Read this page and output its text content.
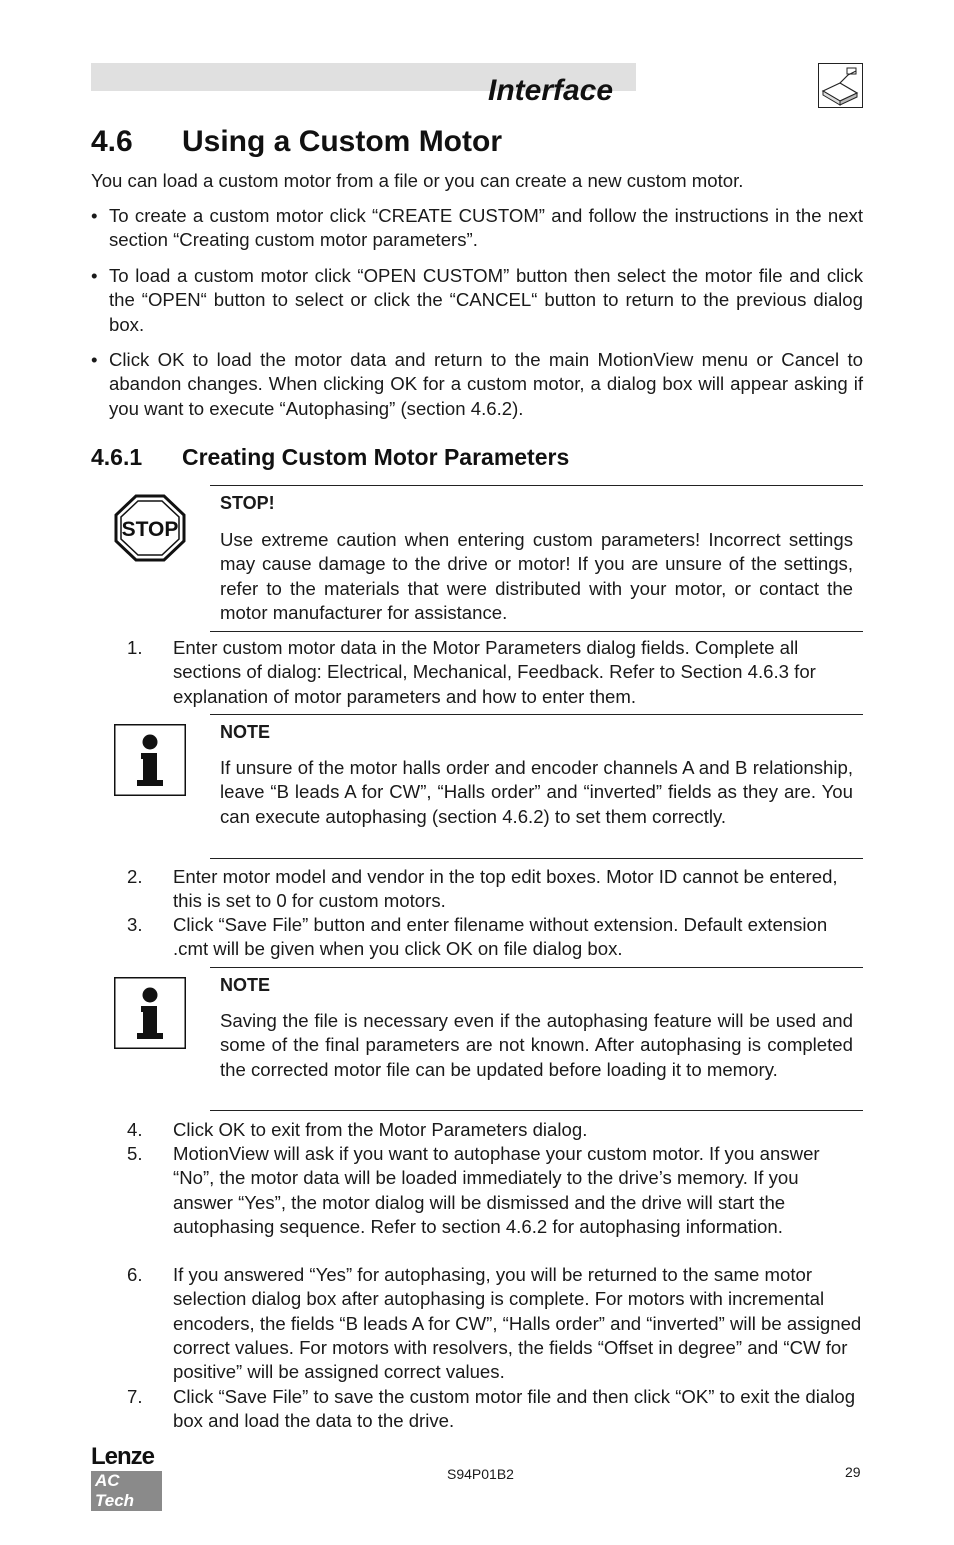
Interface
4.6 Using a Custom Motor
You can load a custom motor from a file or you can create a new custom motor.
• To create a custom motor click “CREATE CUSTOM” and follow the instructions in the next section “Creating custom motor parameters”.
• To load a custom motor click “OPEN CUSTOM” button then select the motor file and click the “OPEN“ button to select or click the “CANCEL“ button to return to the previous dialog box.
• Click OK to load the motor data and return to the main MotionView menu or Cancel to abandon changes. When clicking OK for a custom motor, a dialog box will appear asking if you want to execute “Autophasing” (section 4.6.2).
4.6.1 Creating Custom Motor Parameters
STOP
STOP!
Use extreme caution when entering custom parameters! Incorrect settings may cause damage to the drive or motor! If you are unsure of the settings, refer to the materials that were distributed with your motor, or contact the motor manufacturer for assistance.
1. Enter custom motor data in the Motor Parameters dialog fields. Complete all sections of dialog: Electrical, Mechanical, Feedback. Refer to Section 4.6.3 for explanation of motor parameters and how to enter them.
NOTE
If unsure of the motor halls order and encoder channels A and B relationship, leave “B leads A for CW”, “Halls order” and “inverted” fields as they are. You can execute autophasing (section 4.6.2) to set them correctly.
2. Enter motor model and vendor in the top edit boxes. Motor ID cannot be entered, this is set to 0 for custom motors.
3. Click “Save File” button and enter filename without extension. Default extension .cmt will be given when you click OK on file dialog box.
NOTE
Saving the file is necessary even if the autophasing feature will be used and some of the final parameters are not known. After autophasing is completed the corrected motor file can be updated before loading it to memory.
4. Click OK to exit from the Motor Parameters dialog.
5. MotionView will ask if you want to autophase your custom motor. If you answer “No”, the motor data will be loaded immediately to the drive’s memory. If you answer “Yes”, the motor dialog will be dismissed and the drive will start the autophasing sequence. Refer to section 4.6.2 for autophasing information.
6. If you answered “Yes” for autophasing, you will be returned to the same motor selection dialog box after autophasing is complete. For motors with incremental encoders, the fields “B leads A for CW”, “Halls order” and “inverted” will be assigned correct values. For motors with resolvers, the fields “Offset in degree” and “CW for positive” will be assigned correct values.
7. Click “Save File” to save the custom motor file and then click “OK” to exit the dialog box and load the data to the drive.
Lenze
AC Tech
S94P01B2	29
